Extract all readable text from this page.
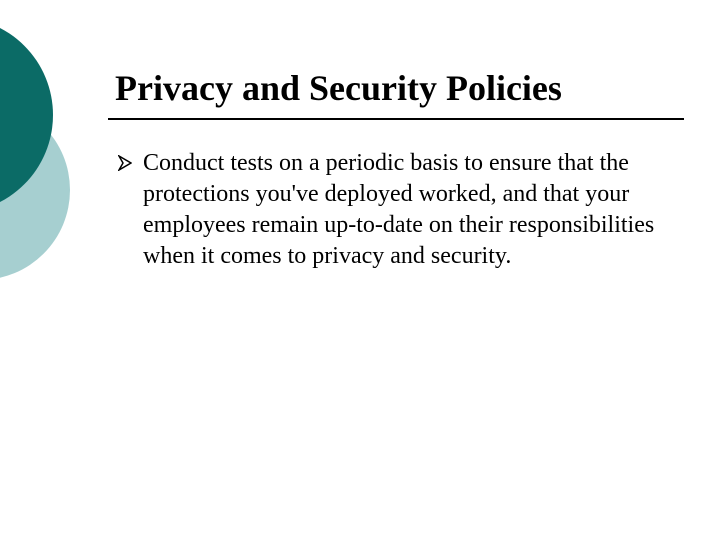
Privacy and Security Policies
Conduct tests on a periodic basis to ensure that the protections you've deployed worked, and that your employees remain up-to-date on their responsibilities when it comes to privacy and security.
